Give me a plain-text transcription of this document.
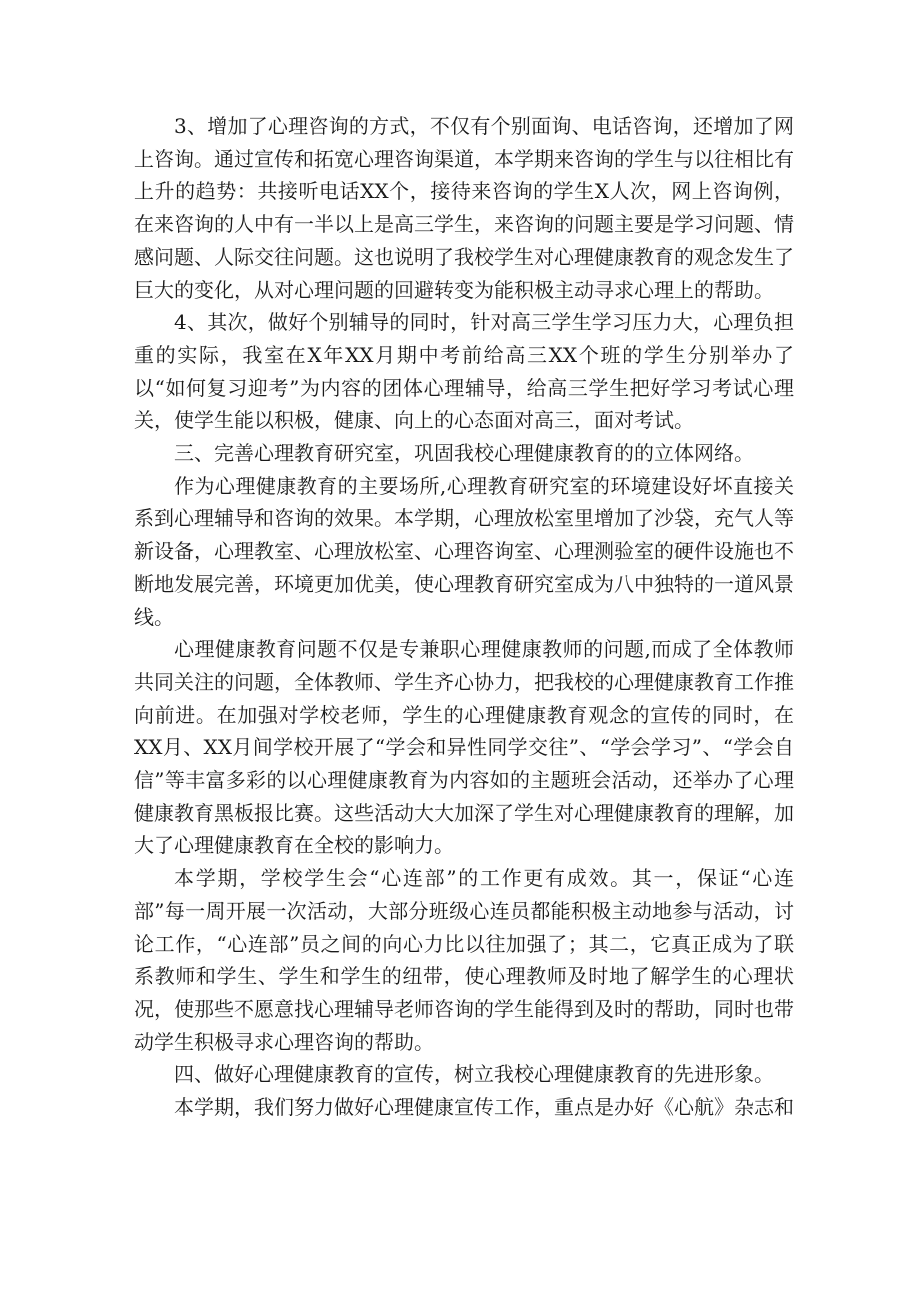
3、增加了心理咨询的方式，不仅有个别面询、电话咨询，还增加了网上咨询。通过宣传和拓宽心理咨询渠道，本学期来咨询的学生与以往相比有上升的趋势：共接听电话XX个，接待来咨询的学生X人次，网上咨询例，在来咨询的人中有一半以上是高三学生，来咨询的问题主要是学习问题、情感问题、人际交往问题。这也说明了我校学生对心理健康教育的观念发生了巨大的变化，从对心理问题的回避转变为能积极主动寻求心理上的帮助。

4、其次，做好个别辅导的同时，针对高三学生学习压力大，心理负担重的实际，我室在X年XX月期中考前给高三XX个班的学生分别举办了以“如何复习迎考”为内容的团体心理辅导，给高三学生把好学习考试心理关，使学生能以积极，健康、向上的心态面对高三，面对考试。

三、完善心理教育研究室，巩固我校心理健康教育的的立体网络。

作为心理健康教育的主要场所,心理教育研究室的环境建设好坏直接关系到心理辅导和咨询的效果。本学期，心理放松室里增加了沙袋，充气人等新设备，心理教室、心理放松室、心理咨询室、心理测验室的硬件设施也不断地发展完善，环境更加优美，使心理教育研究室成为八中独特的一道风景线。

心理健康教育问题不仅是专兼职心理健康教师的问题,而成了全体教师共同关注的问题，全体教师、学生齐心协力，把我校的心理健康教育工作推向前进。在加强对学校老师，学生的心理健康教育观念的宣传的同时，在XX月、XX月间学校开展了“学会和异性同学交往”、“学会学习”、“学会自信”等丰富多彩的以心理健康教育为内容如的主题班会活动，还举办了心理健康教育黑板报比赛。这些活动大大加深了学生对心理健康教育的理解，加大了心理健康教育在全校的影响力。

本学期，学校学生会“心连部”的工作更有成效。其一，保证“心连部”每一周开展一次活动，大部分班级心连员都能积极主动地参与活动，讨论工作，“心连部”员之间的向心力比以往加强了；其二，它真正成为了联系教师和学生、学生和学生的纽带，使心理教师及时地了解学生的心理状况，使那些不愿意找心理辅导老师咨询的学生能得到及时的帮助，同时也带动学生积极寻求心理咨询的帮助。

四、做好心理健康教育的宣传，树立我校心理健康教育的先进形象。

本学期，我们努力做好心理健康宣传工作，重点是办好《心航》杂志和
